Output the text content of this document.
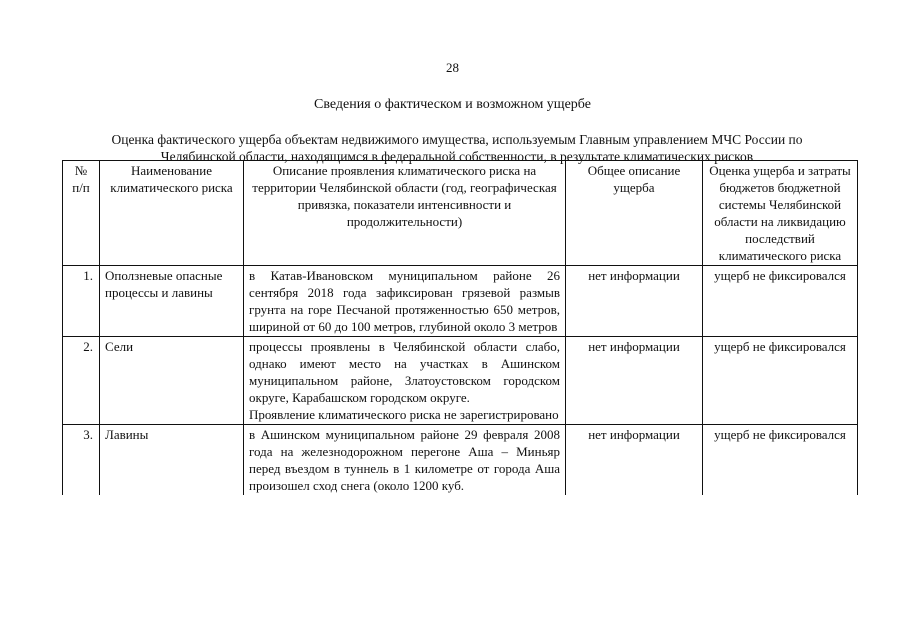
28
Сведения о фактическом и возможном ущербе
Оценка фактического ущерба объектам недвижимого имущества, используемым Главным управлением МЧС России по
Челябинской области, находящимся в федеральной собственности, в результате климатических рисков
№ п/п	Наименование климатического риска	Описание проявления климатического риска на территории Челябинской области (год, географическая привязка, показатели интенсивности и продолжительности)	Общее описание ущерба	Оценка ущерба и затраты бюджетов бюджетной системы Челябинской области на ликвидацию последствий климатического риска
1.	Оползневые опасные процессы и лавины	в Катав-Ивановском муниципальном районе 26 сентября 2018 года зафиксирован грязевой размыв грунта на горе Песчаной протяженностью 650 метров, шириной от 60 до 100 метров, глубиной около 3 метров	нет информации	ущерб не фиксировался
2.	Сели	процессы проявлены в Челябинской области слабо, однако имеют место на участках в Ашинском муниципальном районе, Златоустовском городском округе, Карабашском городском округе.
Проявление климатического риска не зарегистрировано	нет информации	ущерб не фиксировался
3.	Лавины	в Ашинском муниципальном районе 29 февраля 2008 года на железнодорожном перегоне Аша – Миньяр перед въездом в туннель в 1 километре от города Аша произошел сход снега (около 1200 куб.	нет информации	ущерб не фиксировался
